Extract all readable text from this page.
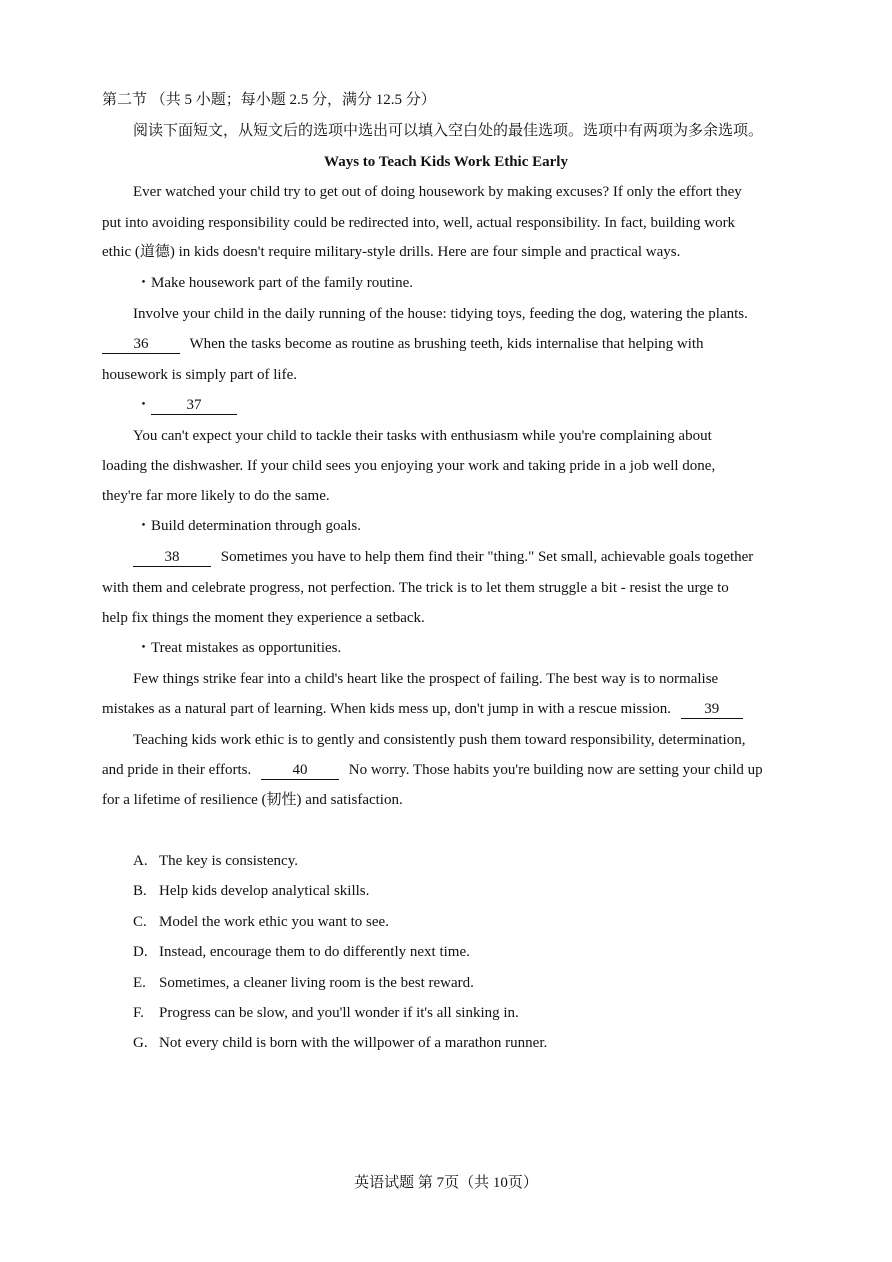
第二节 （共 5 小题；每小题 2.5 分，满分 12.5 分）
阅读下面短文，从短文后的选项中选出可以填入空白处的最佳选项。选项中有两项为多余选项。
Ways to Teach Kids Work Ethic Early
Ever watched your child try to get out of doing housework by making excuses? If only the effort they
put into avoiding responsibility could be redirected into, well, actual responsibility. In fact, building work
ethic (道德) in kids doesn't require military-style drills. Here are four simple and practical ways.
・Make housework part of the family routine.
Involve your child in the daily running of the house: tidying toys, feeding the dog, watering the plants.
36	When the tasks become as routine as brushing teeth, kids internalise that helping with
housework is simply part of life.
・ 37
You can't expect your child to tackle their tasks with enthusiasm while you're complaining about
loading the dishwasher. If your child sees you enjoying your work and taking pride in a job well done,
they're far more likely to do the same.
・Build determination through goals.
38	Sometimes you have to help them find their "thing." Set small, achievable goals together
with them and celebrate progress, not perfection. The trick is to let them struggle a bit - resist the urge to
help fix things the moment they experience a setback.
・Treat mistakes as opportunities.
Few things strike fear into a child's heart like the prospect of failing. The best way is to normalise
mistakes as a natural part of learning. When kids mess up, don't jump in with a rescue mission. 39
Teaching kids work ethic is to gently and consistently push them toward responsibility, determination,
and pride in their efforts.	40	No worry. Those habits you're building now are setting your child up
for a lifetime of resilience (韧性) and satisfaction.
A. The key is consistency.
B. Help kids develop analytical skills.
C. Model the work ethic you want to see.
D. Instead, encourage them to do differently next time.
E. Sometimes, a cleaner living room is the best reward.
F. Progress can be slow, and you'll wonder if it's all sinking in.
G. Not every child is born with the willpower of a marathon runner.
英语试题 第 7页（共 10页）
